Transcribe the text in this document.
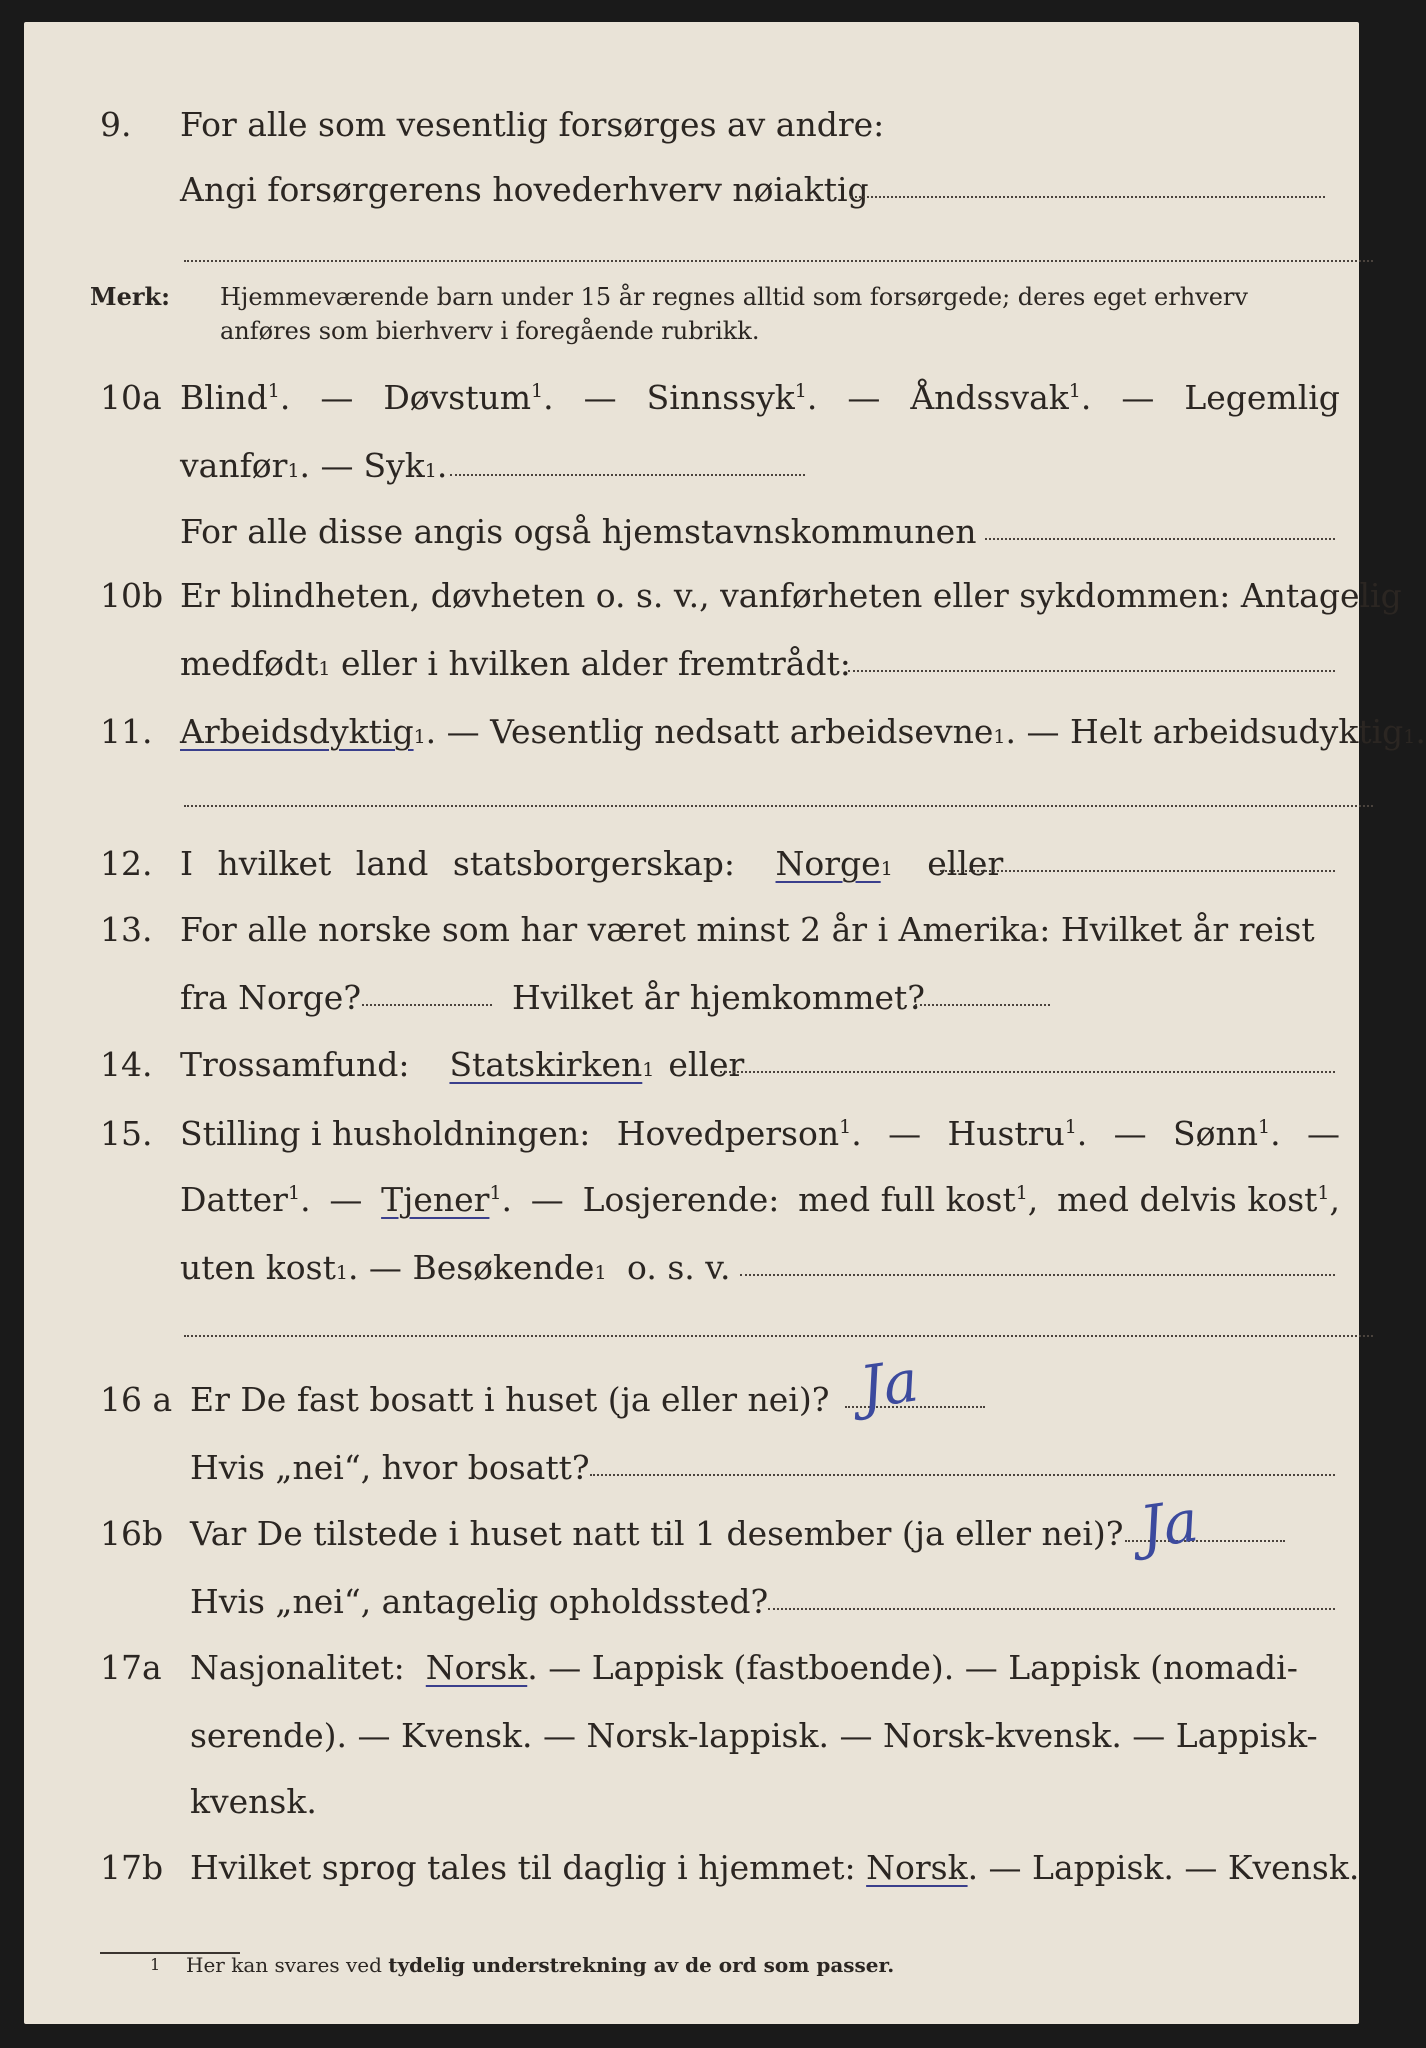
9. For alle som vesentlig forsørges av andre:
Angi forsørgerens hovederhverv nøiaktig
Merk: Hjemmeværende barn under 15 år regnes alltid som forsørgede; deres eget erhverv anføres som bierhverv i foregående rubrikk.
10a Blind$^1$. — Døvstum$^1$. — Sinnssyk$^1$. — Åndssvak$^1$. — Legemlig
vanfør 1 . — Syk 1 .
For alle disse angis også hjemstavnskommunen
10b Er blindheten, døvheten o. s. v., vanførheten eller sykdommen: Antagelig
medfødt 1 eller i hvilken alder fremtrådt:
11. Arbeidsdyktig 1 . — Vesentlig nedsatt arbeidsevne 1 . — Helt arbeidsudyktig 1 .
12. I hvilket land statsborgerskap:
Norge 1
eller
13. For alle norske som har været minst 2 år i Amerika: Hvilket år reist
fra Norge?	Hvilket år hjemkommet?
14. Trossamfund: Statskirken 1 eller
15. Stilling i husholdningen: Hovedperson$^1$. — Hustru$^1$. — Sønn$^1$. —
Datter$^1$. — Tjener$^1$. — Losjerende: med full kost$^1$, med delvis kost$^1$,
uten kost 1 . — Besøkende 1
o. s. v.
16 a Er De fast bosatt i huset (ja eller nei)? Ja
Hvis „nei“, hvor bosatt?
16b Var De tilstede i huset natt til 1 desember (ja eller nei)? Ja
Hvis „nei“, antagelig opholdssted?
17a Nasjonalitet:
Norsk . — Lappisk (fastboende). — Lappisk (nomadi-
serende). — Kvensk. — Norsk-lappisk. — Norsk-kvensk. — Lappisk-
kvensk.
17b Hvilket sprog tales til daglig i hjemmet:
Norsk . — Lappisk. — Kvensk.
1 Her kan svares ved tydelig understrekning av de ord som passer.
